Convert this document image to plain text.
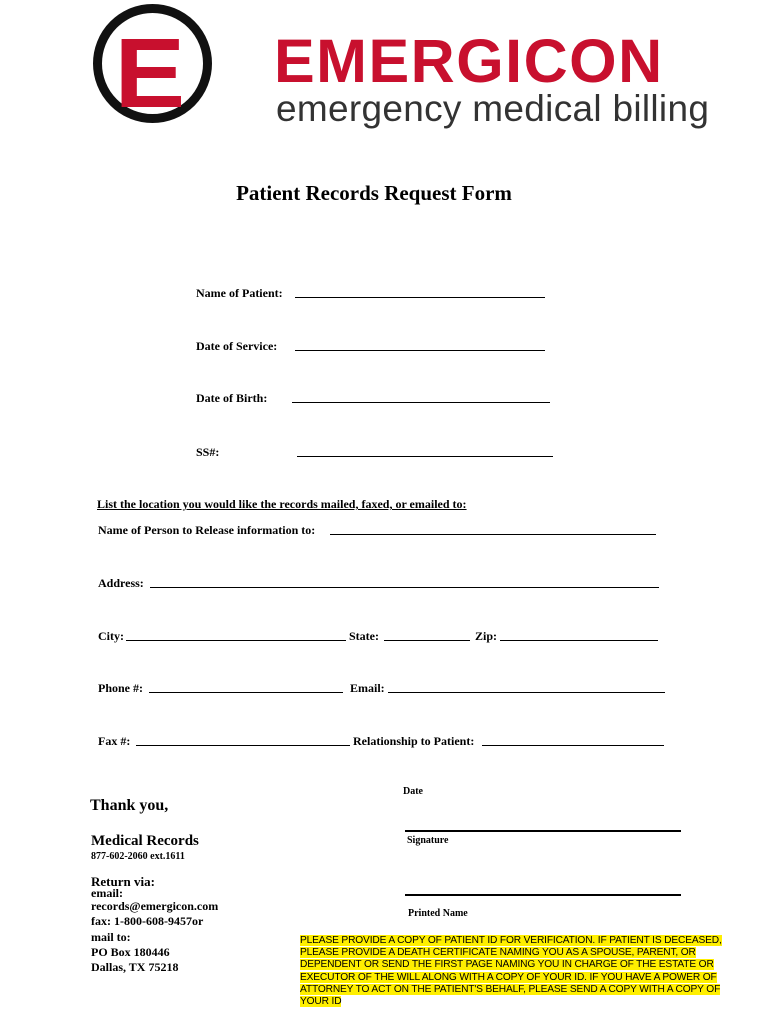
E EMERGICON
emergency medical billing
Patient Records Request Form
Name of Patient:
Date of Service:
Date of Birth:
SS#:
List the location you would like the records mailed, faxed, or emailed to:
Name of Person to Release information to:
Address:
City:	State:	Zip:
Phone #:	Email:
Fax #:	Relationship to Patient:
Date
Signature
Printed Name
Thank you,
Medical Records
877-602-2060 ext.1611
Return via:
email:
records@emergicon.com
fax: 1-800-608-9457or
mail to:
PO Box 180446
Dallas, TX 75218
PLEASE PROVIDE A COPY OF PATIENT ID FOR VERIFICATION. IF PATIENT IS DECEASED,
PLEASE PROVIDE A DEATH CERTIFICATE NAMING YOU AS A SPOUSE, PARENT, OR
DEPENDENT OR SEND THE FIRST PAGE NAMING YOU IN CHARGE OF THE ESTATE OR
EXECUTOR OF THE WILL ALONG WITH A COPY OF YOUR ID. IF YOU HAVE A POWER OF
ATTORNEY TO ACT ON THE PATIENT'S BEHALF, PLEASE SEND A COPY WITH A COPY OF
YOUR ID
